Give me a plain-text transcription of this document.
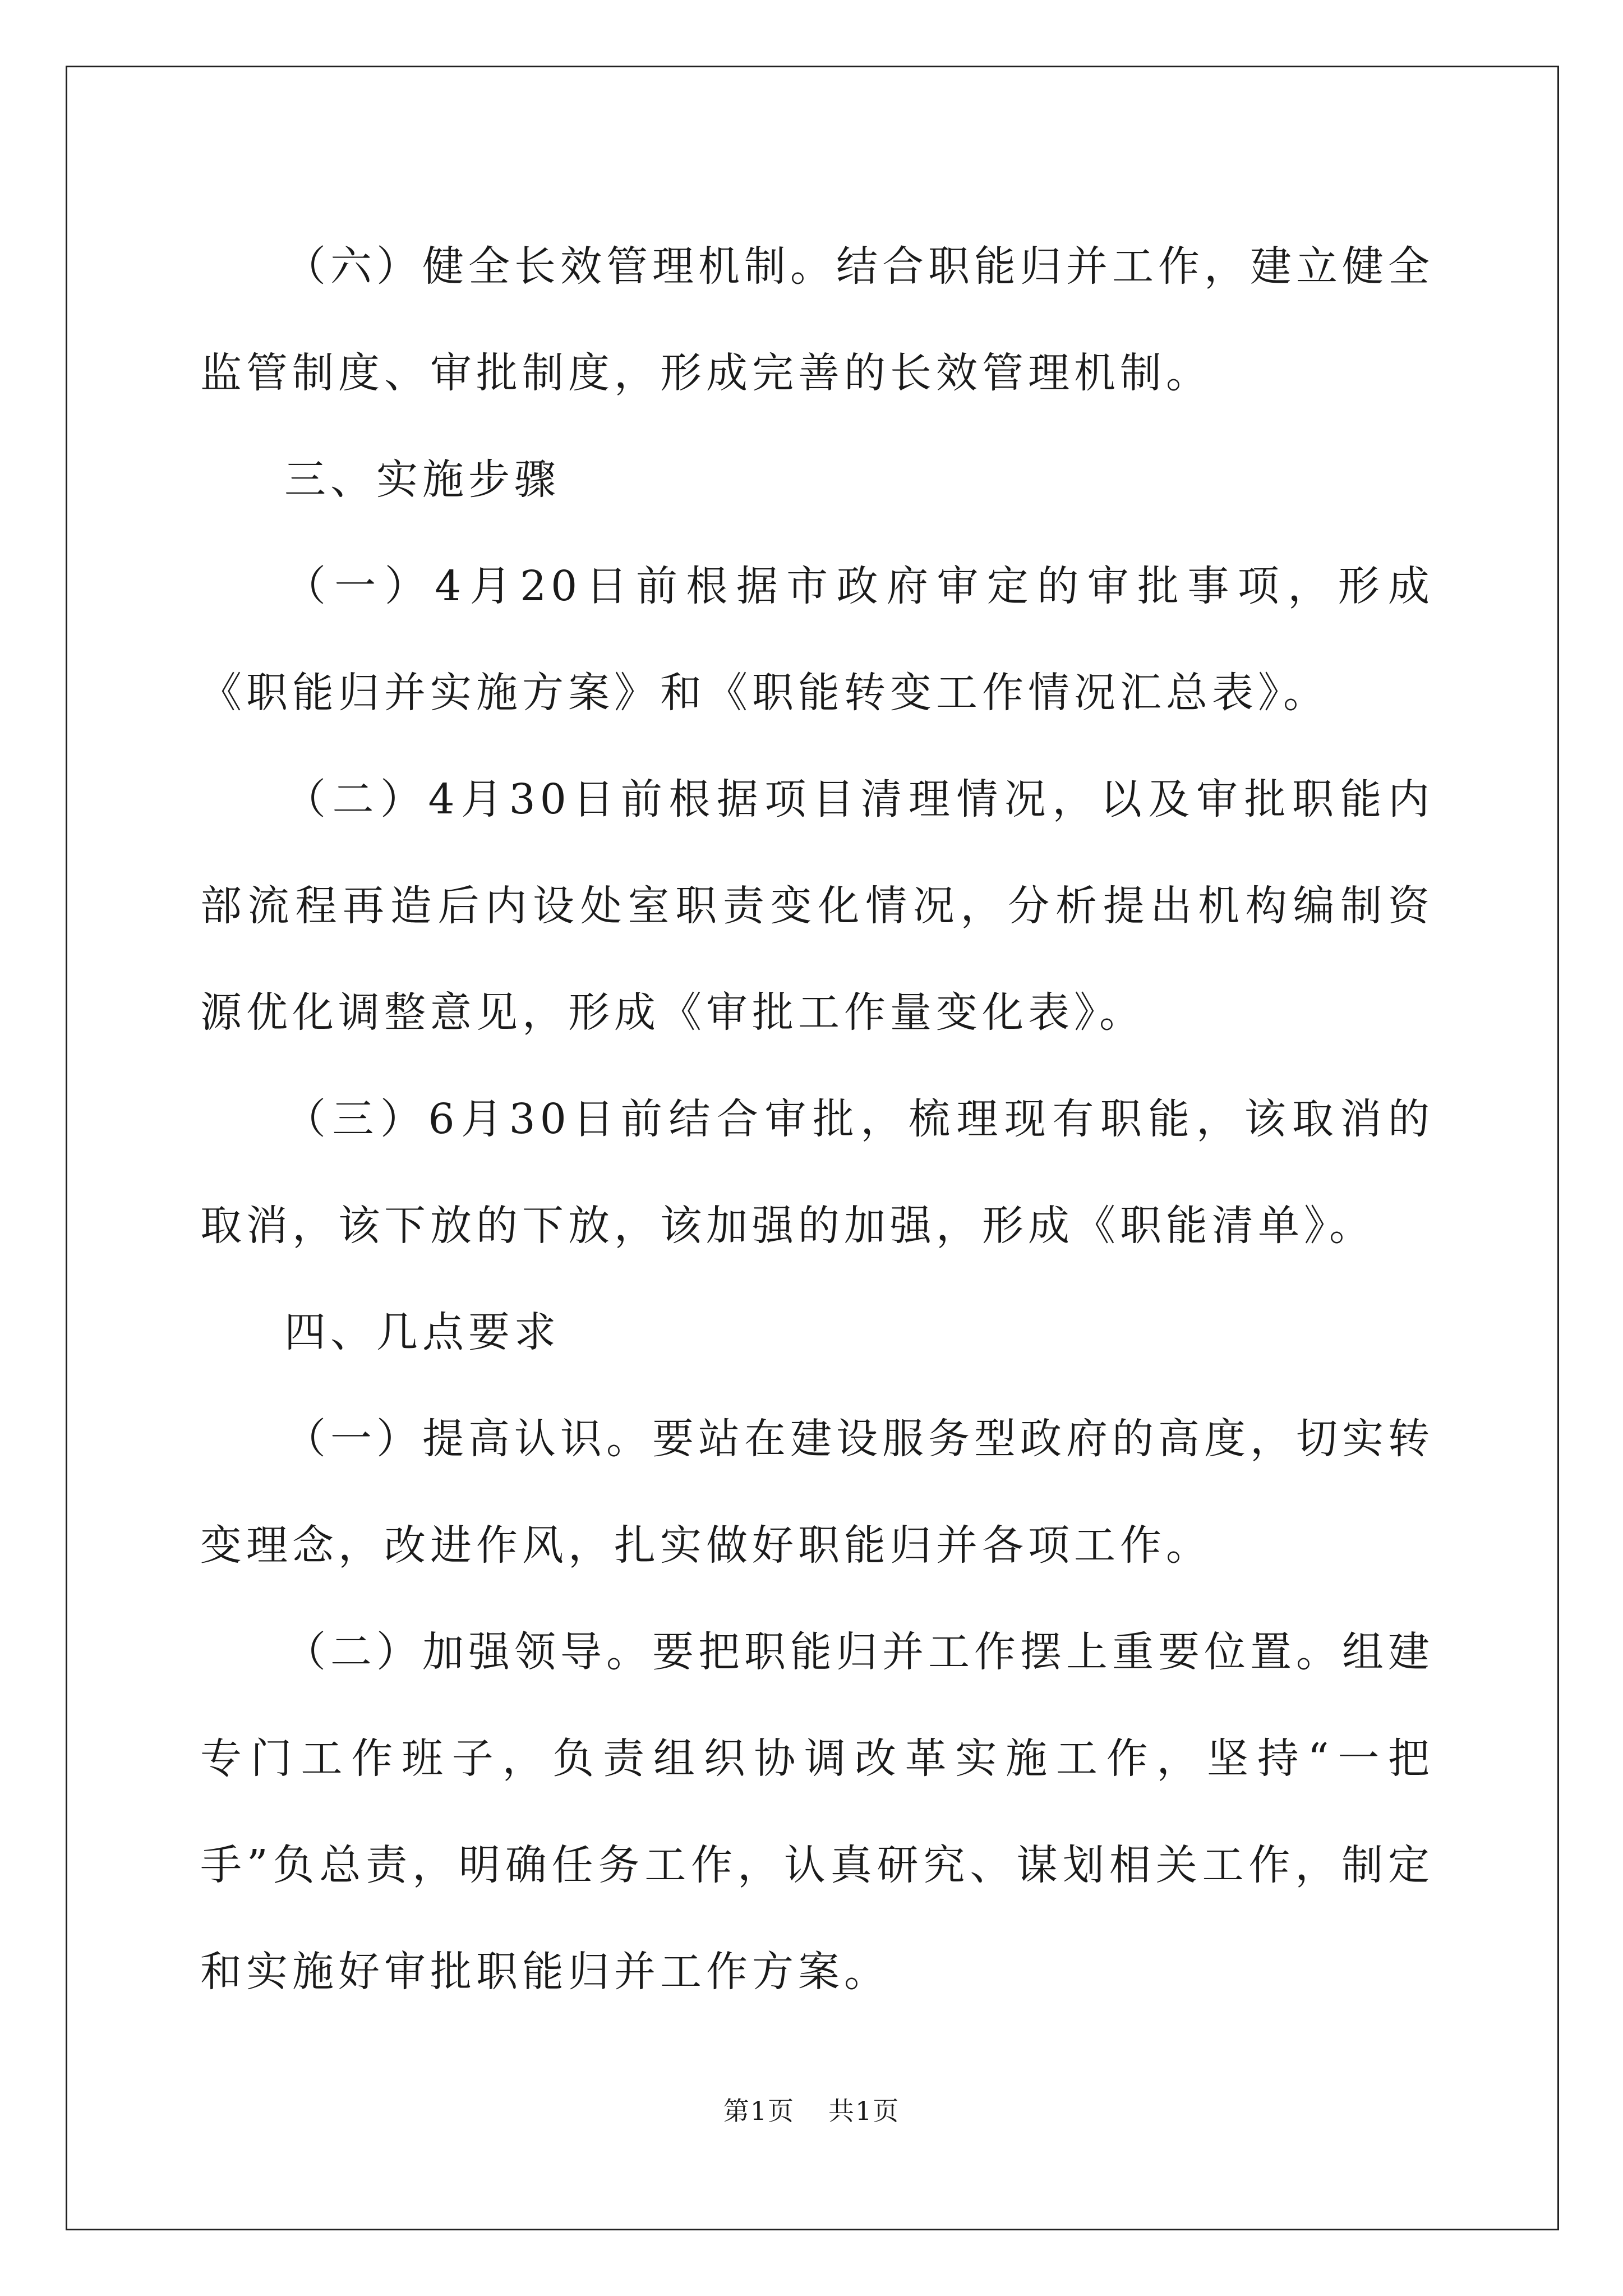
（六）健全长效管理机制。结合职能归并工作，建立健全监管制度、审批制度，形成完善的长效管理机制。

三、实施步骤

（一）4月20日前根据市政府审定的审批事项，形成《职能归并实施方案》和《职能转变工作情况汇总表》。

（二）4月30日前根据项目清理情况，以及审批职能内部流程再造后内设处室职责变化情况，分析提出机构编制资源优化调整意见，形成《审批工作量变化表》。

（三）6月30日前结合审批，梳理现有职能，该取消的取消，该下放的下放，该加强的加强，形成《职能清单》。

四、几点要求

（一）提高认识。要站在建设服务型政府的高度，切实转变理念，改进作风，扎实做好职能归并各项工作。

（二）加强领导。要把职能归并工作摆上重要位置。组建专门工作班子，负责组织协调改革实施工作，坚持“一把手”负总责，明确任务工作，认真研究、谋划相关工作，制定和实施好审批职能归并工作方案。

第1页 共1页
